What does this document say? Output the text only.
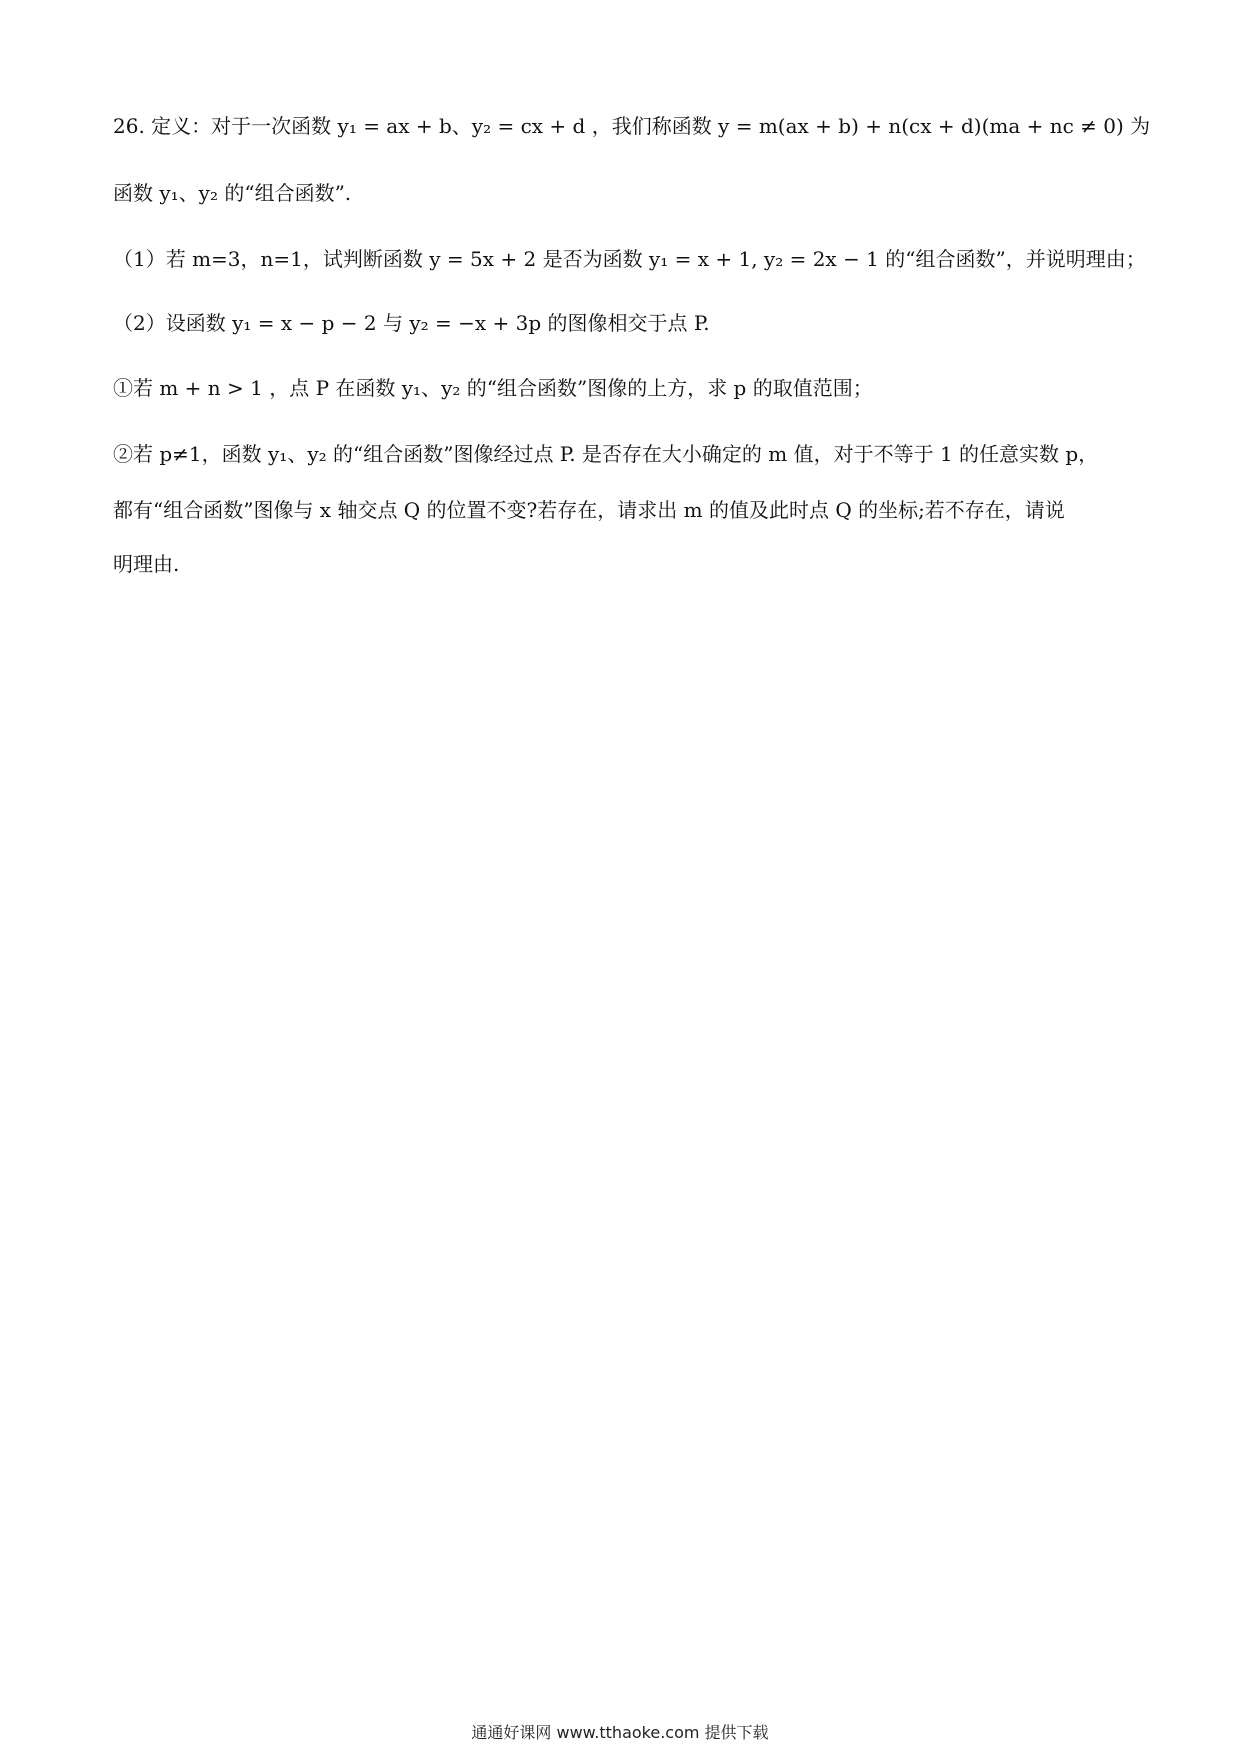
26. 定义：对于一次函数 y₁ = ax + b、y₂ = cx + d ，我们称函数 y = m(ax + b) + n(cx + d)(ma + nc ≠ 0) 为
函数 y₁、y₂ 的“组合函数”.
（1）若 m=3，n=1，试判断函数 y = 5x + 2 是否为函数 y₁ = x + 1, y₂ = 2x − 1 的“组合函数”，并说明理由；
（2）设函数 y₁ = x − p − 2 与 y₂ = −x + 3p 的图像相交于点 P.
①若 m + n > 1 ，点 P 在函数 y₁、y₂ 的“组合函数”图像的上方，求 p 的取值范围；
②若 p≠1，函数 y₁、y₂ 的“组合函数”图像经过点 P. 是否存在大小确定的 m 值，对于不等于 1 的任意实数 p，
都有“组合函数”图像与 x 轴交点 Q 的位置不变?若存在，请求出 m 的值及此时点 Q 的坐标;若不存在，请说
明理由.
通通好课网 www.tthaoke.com 提供下载
